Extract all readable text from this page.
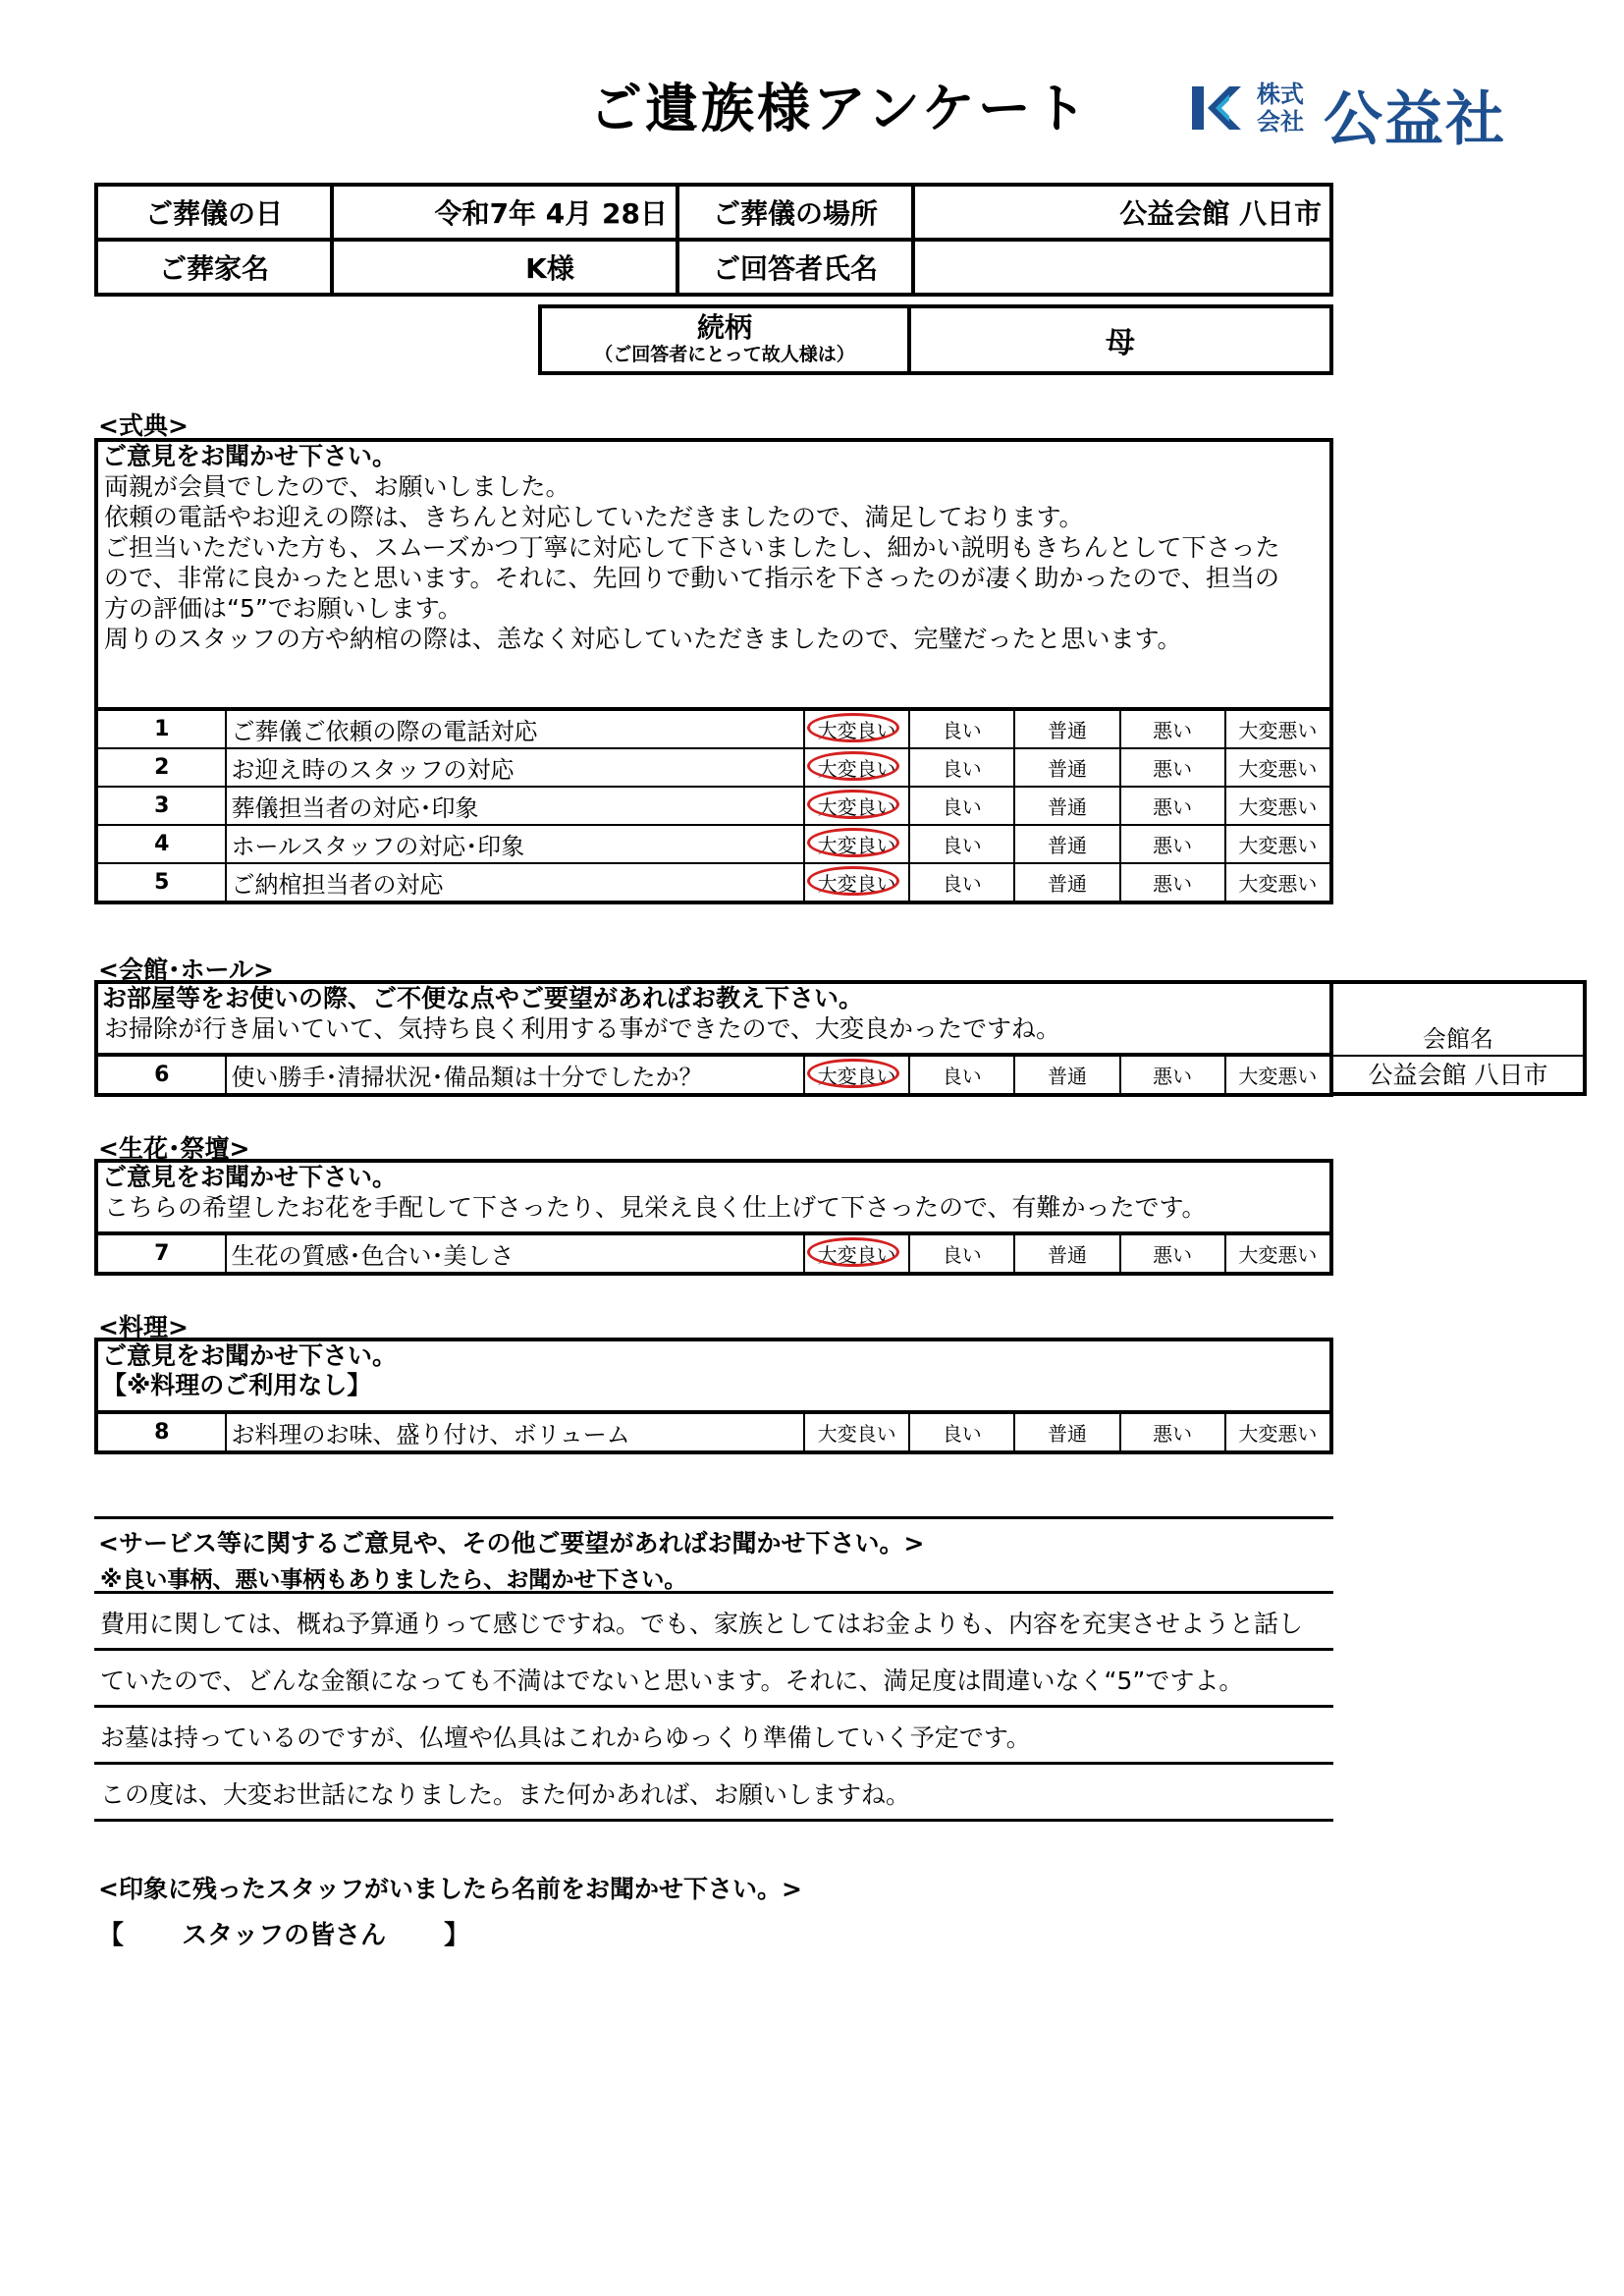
ご遺族様アンケート	株式
会社 公益社
ご葬儀の日	令和7年 4月 28日	ご葬儀の場所	公益会館 八日市
ご葬家名	K様	ご回答者氏名	
続柄
（ご回答者にとって故人様は）	母
<式典>
ご意見をお聞かせ下さい。
両親が会員でしたので、お願いしました。
依頼の電話やお迎えの際は、きちんと対応していただきましたので、満足しております。
ご担当いただいた方も、スムーズかつ丁寧に対応して下さいましたし、細かい説明もきちんとして下さった
ので、非常に良かったと思います。それに、先回りで動いて指示を下さったのが凄く助かったので、担当の
方の評価は“5”でお願いします。
周りのスタッフの方や納棺の際は、恙なく対応していただきましたので、完璧だったと思います。
1	ご葬儀ご依頼の際の電話対応	大変良い	良い	普通	悪い	大変悪い
2	お迎え時のスタッフの対応	大変良い	良い	普通	悪い	大変悪い
3	葬儀担当者の対応･印象	大変良い	良い	普通	悪い	大変悪い
4	ホールスタッフの対応･印象	大変良い	良い	普通	悪い	大変悪い
5	ご納棺担当者の対応	大変良い	良い	普通	悪い	大変悪い
<会館･ホール>
お部屋等をお使いの際、ご不便な点やご要望があればお教え下さい。
お掃除が行き届いていて、気持ち良く利用する事ができたので、大変良かったですね。	会館名
公益会館 八日市
6	使い勝手･清掃状況･備品類は十分でしたか？	大変良い	良い	普通	悪い	大変悪い
<生花･祭壇>
ご意見をお聞かせ下さい。
こちらの希望したお花を手配して下さったり、見栄え良く仕上げて下さったので、有難かったです。
7	生花の質感･色合い･美しさ	大変良い	良い	普通	悪い	大変悪い
<料理>
ご意見をお聞かせ下さい。
【※料理のご利用なし】
8	お料理のお味、盛り付け、ボリューム	大変良い	良い	普通	悪い	大変悪い
<サービス等に関するご意見や、その他ご要望があればお聞かせ下さい。>
※良い事柄、悪い事柄もありましたら、お聞かせ下さい。
費用に関しては、概ね予算通りって感じですね。でも、家族としてはお金よりも、内容を充実させようと話し
ていたので、どんな金額になっても不満はでないと思います。それに、満足度は間違いなく“5”ですよ。
お墓は持っているのですが、仏壇や仏具はこれからゆっくり準備していく予定です。
この度は、大変お世話になりました。また何かあれば、お願いしますね。
<印象に残ったスタッフがいましたら名前をお聞かせ下さい。>
【 スタッフの皆さん 】
